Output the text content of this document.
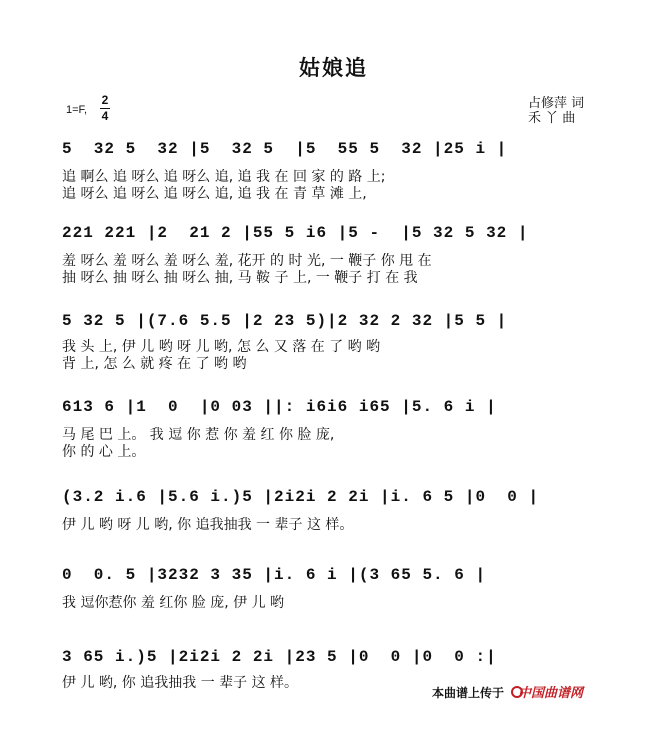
姑娘追
1=F,
2
4
占修萍 词
禾 丫 曲
5  32 5  32 |5  32 5  |5  55 5  32 |25 i |
追 啊么 追 呀么 追 呀么 追, 追 我 在 回 家 的 路 上;
追 呀么 追 呀么 追 呀么 追, 追 我 在 青 草 滩 上,
221 221 |2  21 2 |55 5 i6 |5 -  |5 32 5 32 |
羞 呀么 羞 呀么 羞 呀么 羞, 花开 的 时 光, 一 鞭子 你 甩 在
抽 呀么 抽 呀么 抽 呀么 抽, 马 鞍 子 上, 一 鞭子 打 在 我
5 32 5 |(7.6 5.5 |2 23 5)|2 32 2 32 |5 5 |
我 头 上, 伊 儿 哟 呀 儿 哟, 怎 么 又 落 在 了 哟 哟
背 上, 怎 么 就 疼 在 了 哟 哟
613 6 |1  0  |0 03 ||: i6i6 i65 |5. 6 i |
马 尾 巴 上。 我 逗 你 惹 你 羞 红 你 脸 庞,
你 的 心 上。
(3.2 i.6 |5.6 i.)5 |2i2i 2 2i |i. 6 5 |0  0 |
伊 儿 哟 呀 儿 哟, 你 追我抽我 一 辈子 这 样。
0  0. 5 |3232 3 35 |i. 6 i |(3 65 5. 6 |
我 逗你惹你 羞 红你 脸 庞, 伊 儿 哟
3 65 i.)5 |2i2i 2 2i |23 5 |0  0 |0  0 :|
伊 儿 哟, 你 追我抽我 一 辈子 这 样。
本曲谱上传于 中国曲谱网
